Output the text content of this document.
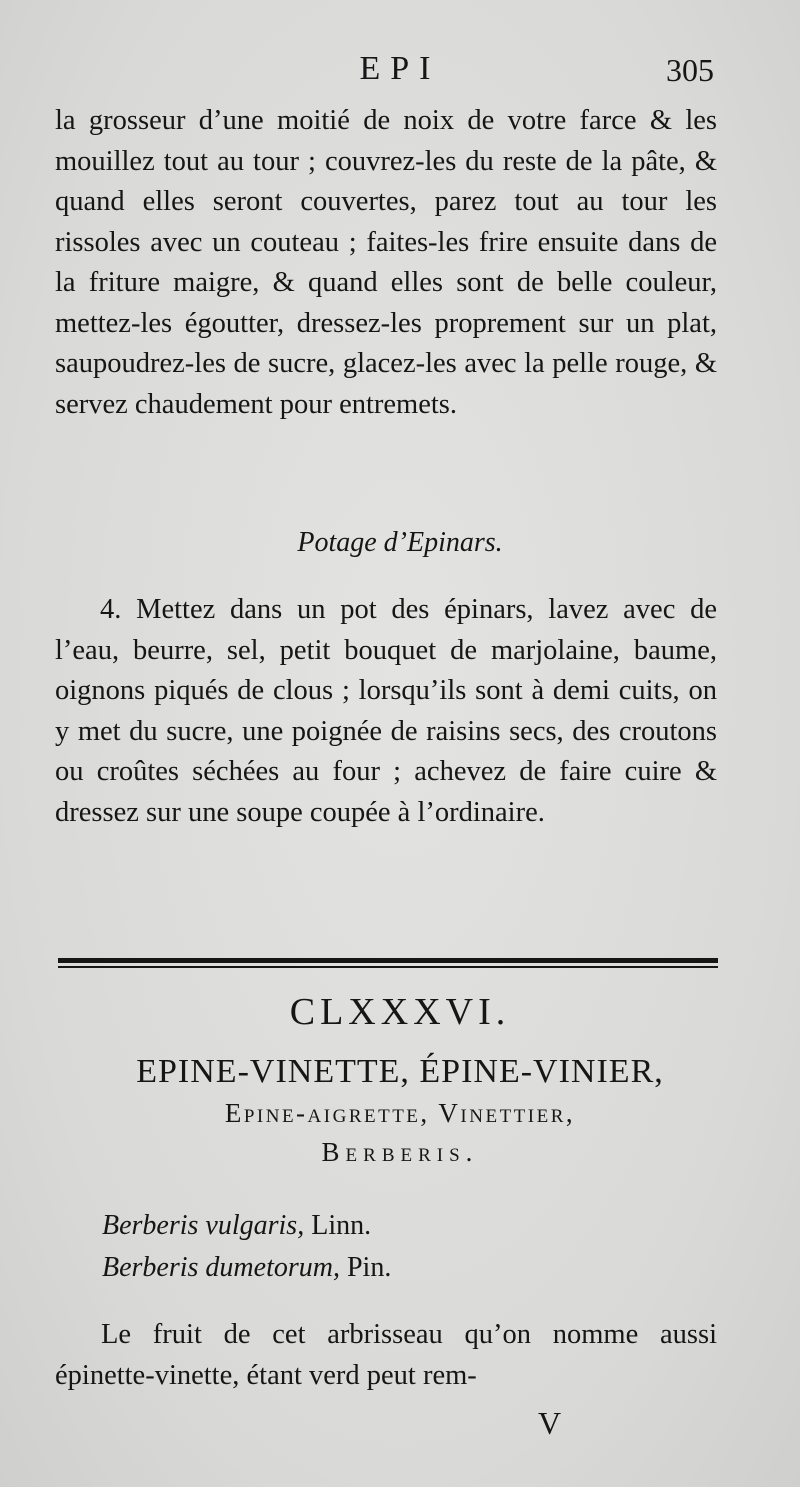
EPI	305

la grosseur d’une moitié de noix de votre farce & les mouillez tout au tour ; couvrez-les du reste de la pâte, & quand elles seront couvertes, parez tout au tour les rissoles avec un couteau ; faites-les frire ensuite dans de la friture maigre, & quand elles sont de belle couleur, mettez-les égoutter, dressez-les proprement sur un plat, saupoudrez-les de sucre, glacez-les avec la pelle rouge, & servez chaudement pour entremets.

Potage d’Epinars.

4. Mettez dans un pot des épinars, lavez avec de l’eau, beurre, sel, petit bouquet de marjolaine, baume, oignons piqués de clous ; lorsqu’ils sont à demi cuits, on y met du sucre, une poignée de raisins secs, des croutons ou croûtes séchées au four ; achevez de faire cuire & dressez sur une soupe coupée à l’ordinaire.

CLXXXVI.
EPINE-VINETTE, ÉPINE-VINIER,
Epine-aigrette, Vinettier,
Berberis.
Berberis vulgaris, Linn.
Berberis dumetorum, Pin.

Le fruit de cet arbrisseau qu’on nomme aussi épinette-vinette, étant verd peut rem-

V
